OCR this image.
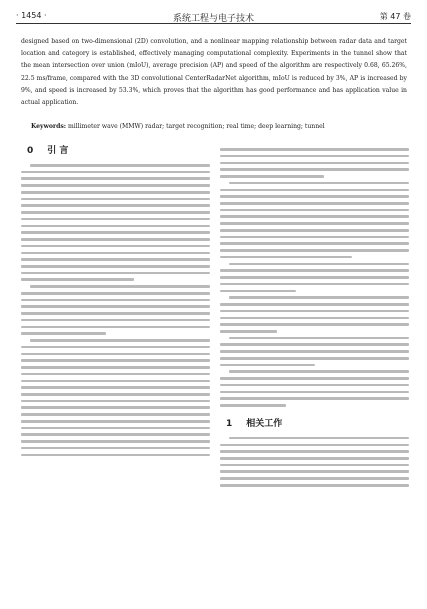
· 1454 ·	系统工程与电子技术	第 47 卷
designed based on two-dimensional (2D) convolution, and a nonlinear mapping relationship between radar data and target location and category is established, effectively managing computational complexity. Experiments in the tunnel show that the mean intersection over union (mIoU), average precision (AP) and speed of the algorithm are respectively 0.68, 65.26%, 22.5 ms/frame, compared with the 3D convolutional CenterRadarNet algorithm, mIoU is reduced by 3%, AP is increased by 9%, and speed is increased by 53.3%, which proves that the algorithm has good performance and has application value in actual application.
Keywords: millimeter wave (MMW) radar; target recognition; real time; deep learning; tunnel
0 引 言
1 相关工作
